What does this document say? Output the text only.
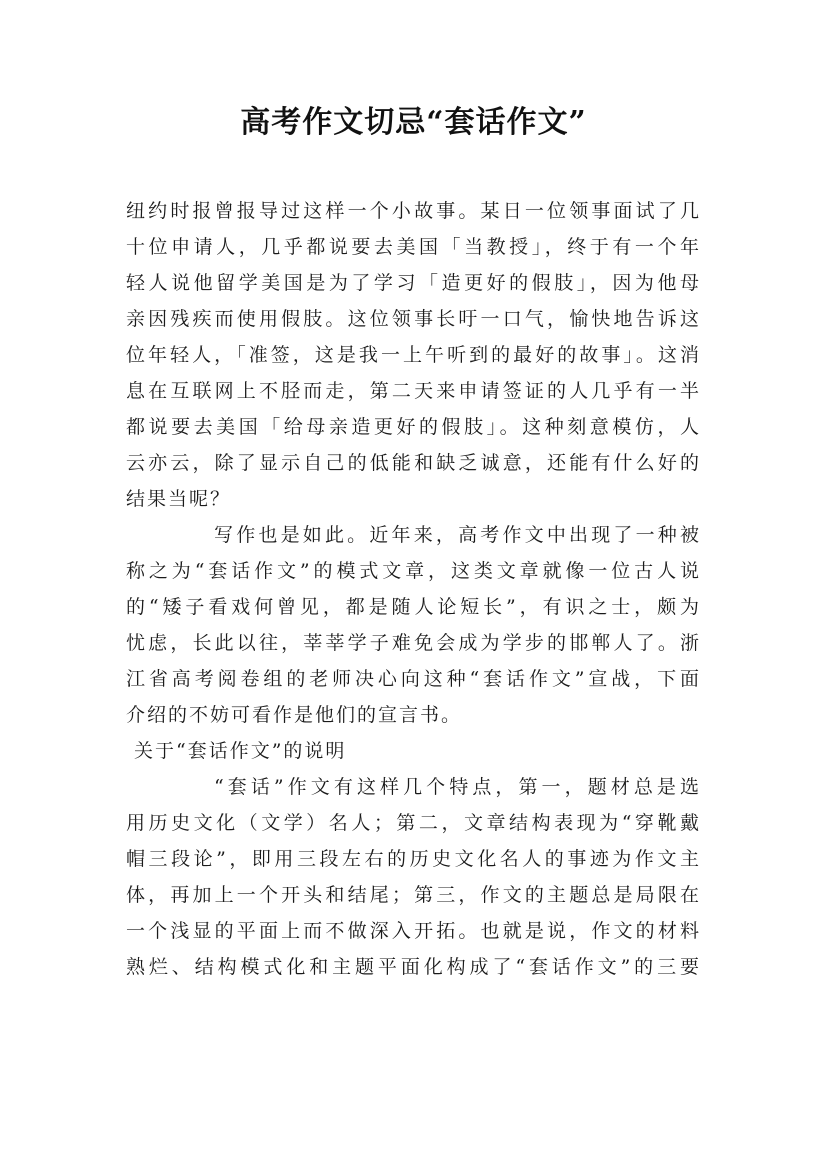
高考作文切忌“套话作文”
纽约时报曾报导过这样一个小故事。某日一位领事面试了几
十位申请人，几乎都说要去美国「当教授」，终于有一个年
轻人说他留学美国是为了学习「造更好的假肢」，因为他母
亲因残疾而使用假肢。这位领事长吁一口气，愉快地告诉这
位年轻人，「准签，这是我一上午听到的最好的故事」。这消
息在互联网上不胫而走，第二天来申请签证的人几乎有一半
都说要去美国「给母亲造更好的假肢」。这种刻意模仿，人
云亦云，除了显示自己的低能和缺乏诚意，还能有什么好的
结果当呢？
写作也是如此。近年来，高考作文中出现了一种被
称之为“套话作文”的模式文章，这类文章就像一位古人说
的“矮子看戏何曾见，都是随人论短长”，有识之士，颇为
忧虑，长此以往，莘莘学子难免会成为学步的邯郸人了。浙
江省高考阅卷组的老师决心向这种“套话作文”宣战，下面
介绍的不妨可看作是他们的宣言书。
关于“套话作文”的说明
“套话”作文有这样几个特点，第一，题材总是选
用历史文化（文学）名人；第二，文章结构表现为“穿靴戴
帽三段论”，即用三段左右的历史文化名人的事迹为作文主
体，再加上一个开头和结尾；第三，作文的主题总是局限在
一个浅显的平面上而不做深入开拓。也就是说，作文的材料
熟烂、结构模式化和主题平面化构成了“套话作文”的三要
